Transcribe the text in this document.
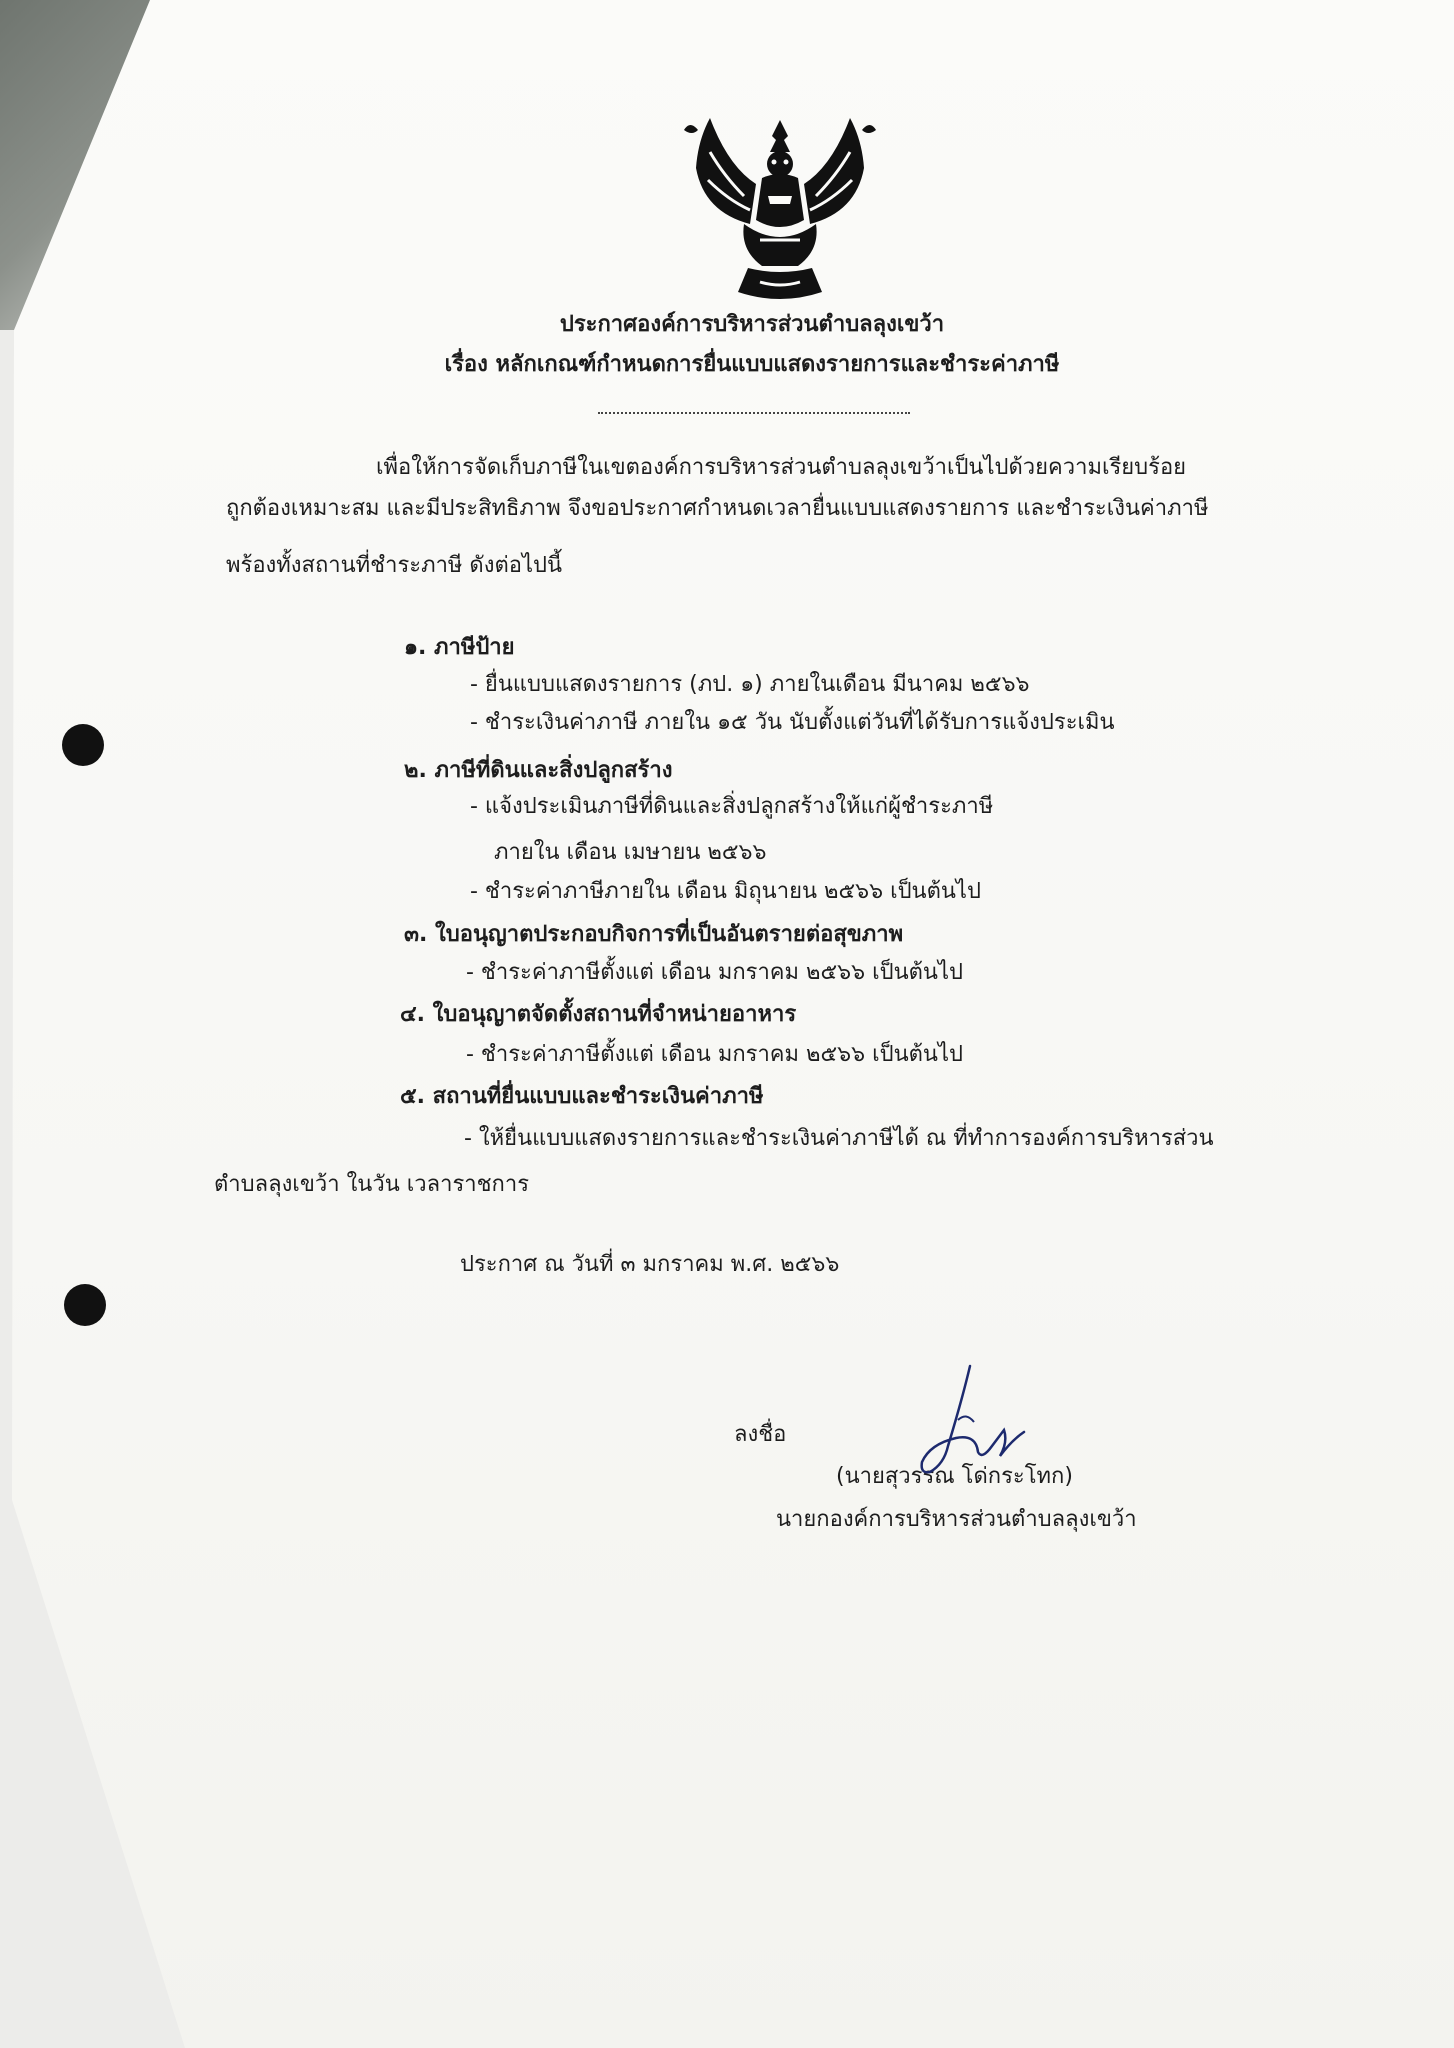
ประกาศองค์การบริหารส่วนตำบลลุงเขว้า
เรื่อง หลักเกณฑ์กำหนดการยื่นแบบแสดงรายการและชำระค่าภาษี
เพื่อให้การจัดเก็บภาษีในเขตองค์การบริหารส่วนตำบลลุงเขว้าเป็นไปด้วยความเรียบร้อย
ถูกต้องเหมาะสม และมีประสิทธิภาพ จึงขอประกาศกำหนดเวลายื่นแบบแสดงรายการ และชำระเงินค่าภาษี
พร้องทั้งสถานที่ชำระภาษี ดังต่อไปนี้
๑. ภาษีป้าย
- ยื่นแบบแสดงรายการ (ภป. ๑) ภายในเดือน มีนาคม ๒๕๖๖
- ชำระเงินค่าภาษี ภายใน ๑๕ วัน นับตั้งแต่วันที่ได้รับการแจ้งประเมิน
๒. ภาษีที่ดินและสิ่งปลูกสร้าง
- แจ้งประเมินภาษีที่ดินและสิ่งปลูกสร้างให้แก่ผู้ชำระภาษี
ภายใน เดือน เมษายน ๒๕๖๖
- ชำระค่าภาษีภายใน เดือน มิถุนายน ๒๕๖๖ เป็นต้นไป
๓. ใบอนุญาตประกอบกิจการที่เป็นอันตรายต่อสุขภาพ
- ชำระค่าภาษีตั้งแต่ เดือน มกราคม ๒๕๖๖ เป็นต้นไป
๔. ใบอนุญาตจัดตั้งสถานที่จำหน่ายอาหาร
- ชำระค่าภาษีตั้งแต่ เดือน มกราคม ๒๕๖๖ เป็นต้นไป
๕. สถานที่ยื่นแบบและชำระเงินค่าภาษี
- ให้ยื่นแบบแสดงรายการและชำระเงินค่าภาษีได้ ณ ที่ทำการองค์การบริหารส่วน
ตำบลลุงเขว้า ในวัน เวลาราชการ
ประกาศ ณ วันที่ ๓ มกราคม พ.ศ. ๒๕๖๖
ลงชื่อ
(นายสุวรรณ โด่กระโทก)
นายกองค์การบริหารส่วนตำบลลุงเขว้า
